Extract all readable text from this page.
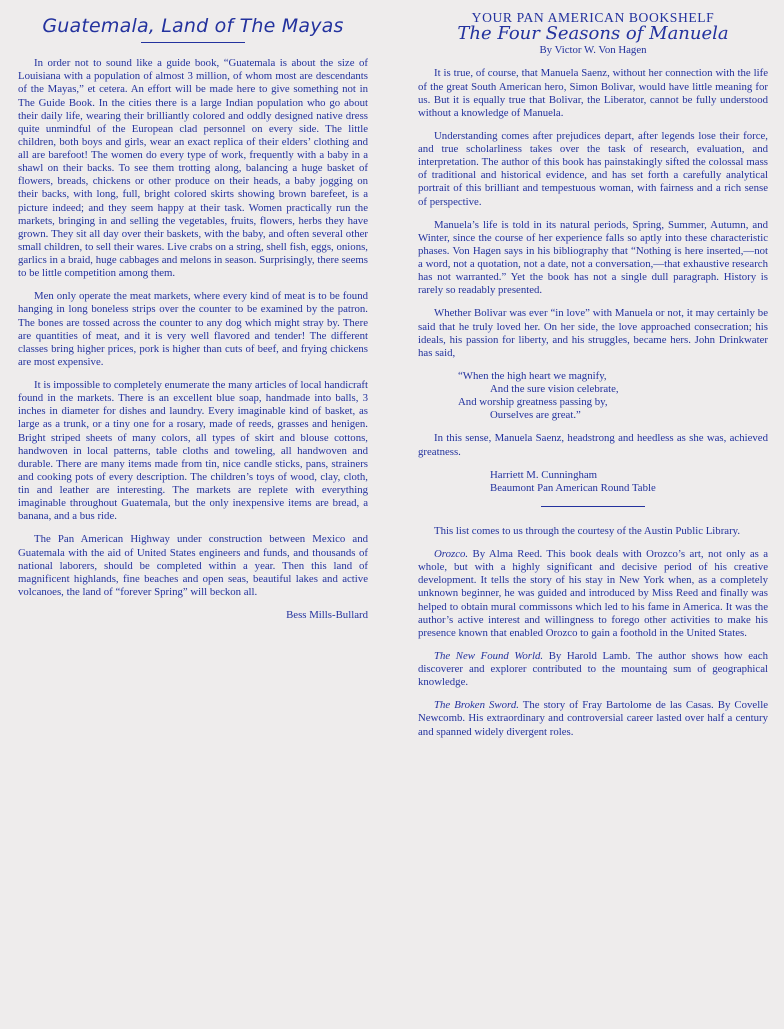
Guatemala, Land of The Mayas

In order not to sound like a guide book, “Guatemala is about the size of Louisiana with a population of almost 3 million, of whom most are descendants of the Mayas,” et cetera. An effort will be made here to give something not in The Guide Book. In the cities there is a large Indian population who go about their daily life, wearing their brilliantly colored and oddly designed native dress quite unmindful of the European clad personnel on every side. The little children, both boys and girls, wear an exact replica of their elders’ clothing and all are barefoot! The women do every type of work, frequently with a baby in a shawl on their backs. To see them trotting along, balancing a huge basket of flowers, breads, chickens or other produce on their heads, a baby jogging on their backs, with long, full, bright colored skirts showing brown barefeet, is a picture indeed; and they seem happy at their task. Women practically run the markets, bringing in and selling the vegetables, fruits, flowers, herbs they have grown. They sit all day over their baskets, with the baby, and often several other small children, to sell their wares. Live crabs on a string, shell fish, eggs, onions, garlics in a braid, huge cabbages and melons in season. Surprisingly, there seems to be little competition among them.

Men only operate the meat markets, where every kind of meat is to be found hanging in long boneless strips over the counter to be examined by the patron. The bones are tossed across the counter to any dog which might stray by. There are quantities of meat, and it is very well flavored and tender! The different classes bring higher prices, pork is higher than cuts of beef, and frying chickens are most expensive.

It is impossible to completely enumerate the many articles of local handicraft found in the markets. There is an excellent blue soap, handmade into balls, 3 inches in diameter for dishes and laundry. Every imaginable kind of basket, as large as a trunk, or a tiny one for a rosary, made of reeds, grasses and henigen. Bright striped sheets of many colors, all types of skirt and blouse cottons, handwoven in local patterns, table cloths and toweling, all handwoven and durable. There are many items made from tin, nice candle sticks, pans, strainers and cooking pots of every description. The children’s toys of wood, clay, cloth, tin and leather are interesting. The markets are replete with everything imaginable throughout Guatemala, but the only inexpensive items are bread, a banana, and a bus ride.

The Pan American Highway under construction between Mexico and Guatemala with the aid of United States engineers and funds, and thousands of national laborers, should be completed within a year. Then this land of magnificent highlands, fine beaches and open seas, beautiful lakes and active volcanoes, the land of “forever Spring” will beckon all.

Bess Mills-Bullard

YOUR PAN AMERICAN BOOKSHELF
The Four Seasons of Manuela
By Victor W. Von Hagen

It is true, of course, that Manuela Saenz, without her connection with the life of the great South American hero, Simon Bolivar, would have little meaning for us. But it is equally true that Bolivar, the Liberator, cannot be fully understood without a knowledge of Manuela.

Understanding comes after prejudices depart, after legends lose their force, and true scholarliness takes over the task of research, evaluation, and interpretation. The author of this book has painstakingly sifted the colossal mass of traditional and historical evidence, and has set forth a carefully analytical portrait of this brilliant and tempestuous woman, with fairness and a rich sense of perspective.

Manuela’s life is told in its natural periods, Spring, Summer, Autumn, and Winter, since the course of her experience falls so aptly into these characteristic phases. Von Hagen says in his bibliography that “Nothing is here inserted,—not a word, not a quotation, not a date, not a conversation,—that exhaustive research has not warranted.” Yet the book has not a single dull paragraph. History is rarely so readably presented.

Whether Bolivar was ever “in love” with Manuela or not, it may certainly be said that he truly loved her. On her side, the love approached consecration; his ideals, his passion for liberty, and his struggles, became hers. John Drinkwater has said,

“When the high heart we magnify,
And the sure vision celebrate,
And worship greatness passing by,
Ourselves are great.”

In this sense, Manuela Saenz, headstrong and heedless as she was, achieved greatness.

Harriett M. Cunningham
Beaumont Pan American Round Table

This list comes to us through the courtesy of the Austin Public Library.

Orozco. By Alma Reed. This book deals with Orozco’s art, not only as a whole, but with a highly significant and decisive period of his creative development. It tells the story of his stay in New York when, as a completely unknown beginner, he was guided and introduced by Miss Reed and finally was helped to obtain mural commissons which led to his fame in America. It was the author’s active interest and willingness to forego other activities to make his presence known that enabled Orozco to gain a foothold in the United States.

The New Found World. By Harold Lamb. The author shows how each discoverer and explorer contributed to the mountaing sum of geographical knowledge.

The Broken Sword. The story of Fray Bartolome de las Casas. By Covelle Newcomb. His extraordinary and controversial career lasted over half a century and spanned widely divergent roles.
